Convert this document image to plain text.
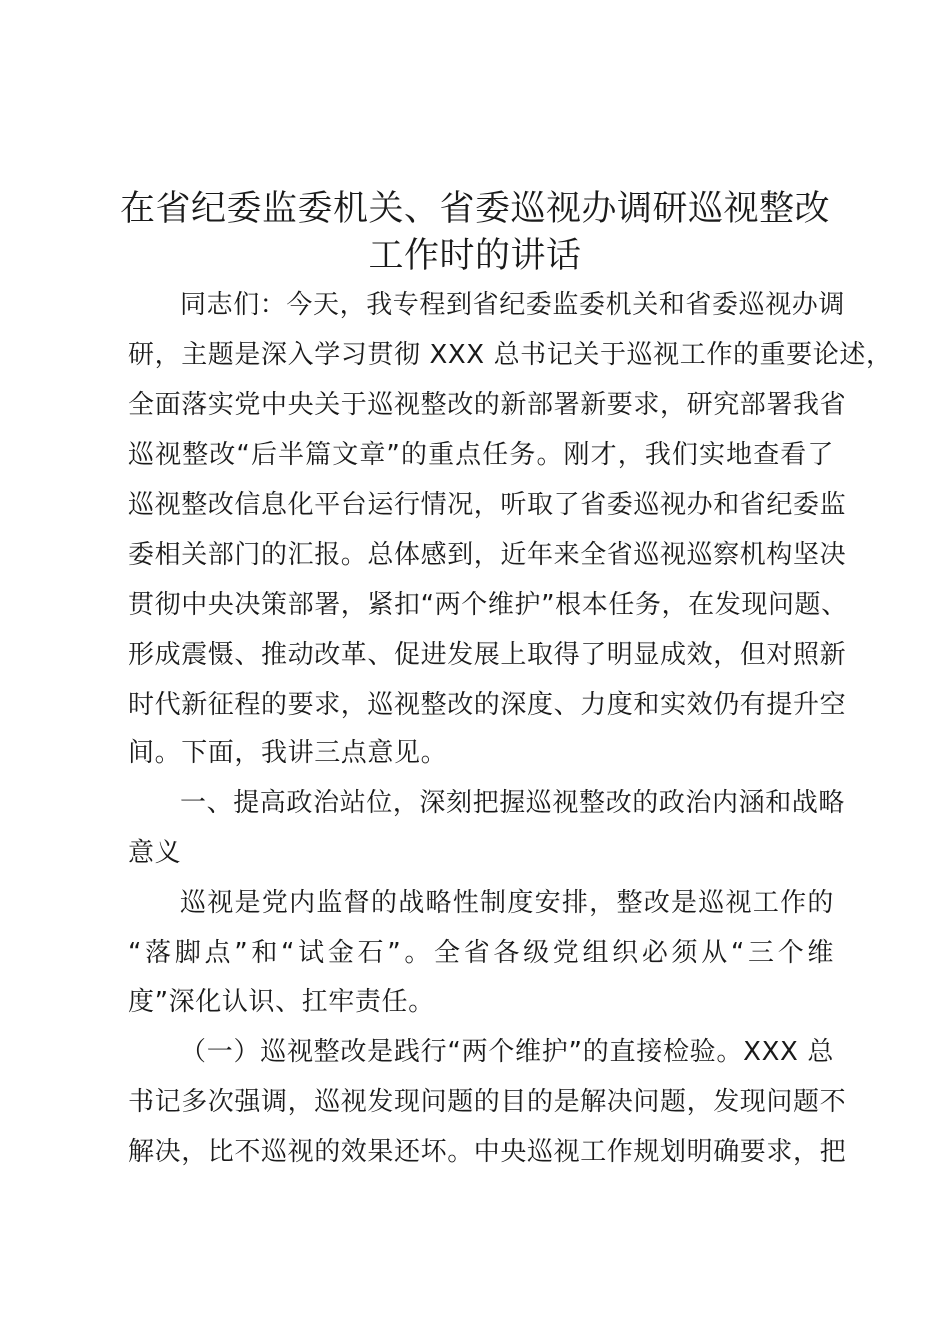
在省纪委监委机关、省委巡视办调研巡视整改
工作时的讲话
同志们：今天，我专程到省纪委监委机关和省委巡视办调
研，主题是深入学习贯彻 XXX 总书记关于巡视工作的重要论述，
全面落实党中央关于巡视整改的新部署新要求，研究部署我省
巡视整改“后半篇文章”的重点任务。刚才，我们实地查看了
巡视整改信息化平台运行情况，听取了省委巡视办和省纪委监
委相关部门的汇报。总体感到，近年来全省巡视巡察机构坚决
贯彻中央决策部署，紧扣“两个维护”根本任务，在发现问题、
形成震慑、推动改革、促进发展上取得了明显成效，但对照新
时代新征程的要求，巡视整改的深度、力度和实效仍有提升空
间。下面，我讲三点意见。
一、提高政治站位，深刻把握巡视整改的政治内涵和战略
意义
巡视是党内监督的战略性制度安排，整改是巡视工作的
“落脚点”和“试金石”。全省各级党组织必须从“三个维
度”深化认识、扛牢责任。
（一）巡视整改是践行“两个维护”的直接检验。XXX 总
书记多次强调，巡视发现问题的目的是解决问题，发现问题不
解决，比不巡视的效果还坏。中央巡视工作规划明确要求，把
